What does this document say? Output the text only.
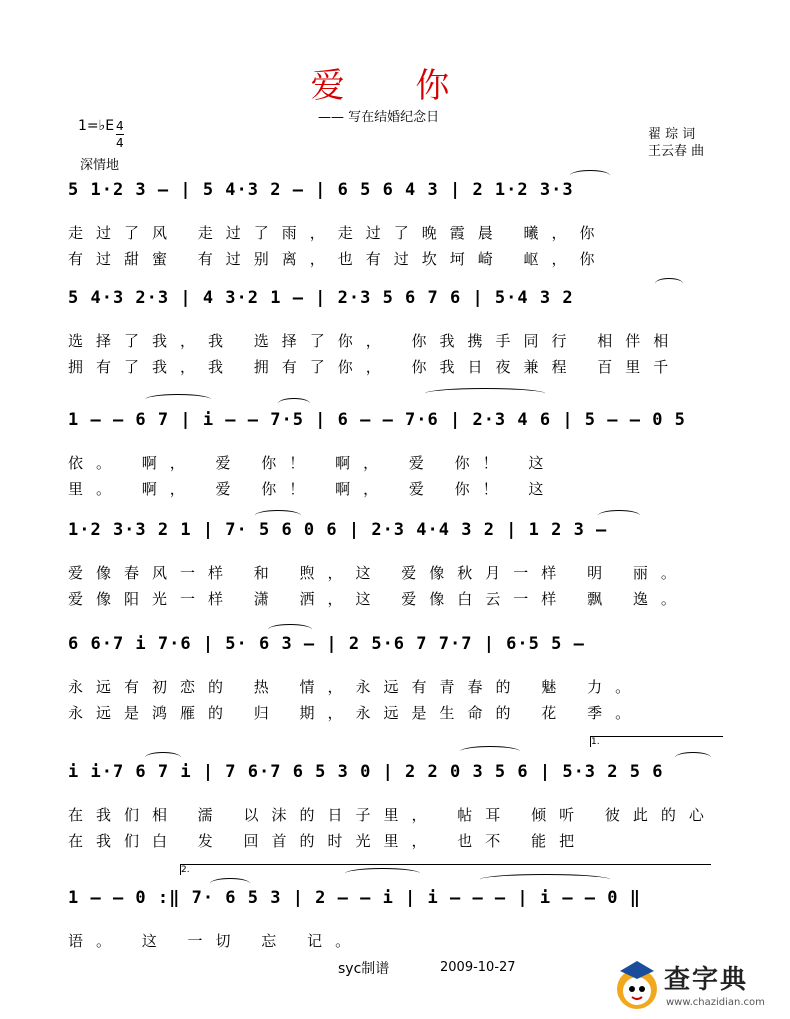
爱 你
—— 写在结婚纪念日
1=♭E 4
4
深情地
翟 琮 词
王云春 曲
5 1·2 3 – | 5 4·3 2 – | 6 5 6 4 3 | 2 1·2 3·3
走过了风 走过了雨，走过了晚霞晨 曦，你
有过甜蜜 有过别离，也有过坎坷崎 岖，你
5 4·3 2·3 | 4 3·2 1 – | 2·3 5 6 7 6 | 5·4 3 2
选择了我，我 选择了你， 你我携手同行 相伴相
拥有了我，我 拥有了你， 你我日夜兼程 百里千
1 – – 6 7 | i – – 7·5 | 6 – – 7·6 | 2·3 4 6 | 5 – – 0 5
依。 啊， 爱 你！ 啊， 爱 你！ 这
里。 啊， 爱 你！ 啊， 爱 你！ 这
1·2 3·3 2 1 | 7· 5 6 0 6 | 2·3 4·4 3 2 | 1 2 3 –
爱像春风一样 和 煦，这 爱像秋月一样 明 丽。
爱像阳光一样 潇 洒，这 爱像白云一样 飘 逸。
6 6·7 i 7·6 | 5· 6 3 – | 2 5·6 7 7·7 | 6·5 5 –
永远有初恋的 热 情，永远有青春的 魅 力。
永远是鸿雁的 归 期，永远是生命的 花 季。
i i·7 6 7 i | 7 6·7 6 5 3 0 | 2 2 0 3 5 6 | 5·3 2 5 6
在我们相 濡 以沫的日子里， 帖耳 倾听 彼此的心
在我们白 发 回首的时光里， 也不 能把
1.
1 – – 0 :‖ 7· 6 5 3 | 2 – – i | i – – – | i – – 0 ‖
语。 这 一切 忘 记。
2.
syc制谱	2009-10-27	查字典
www.chazidian.com
